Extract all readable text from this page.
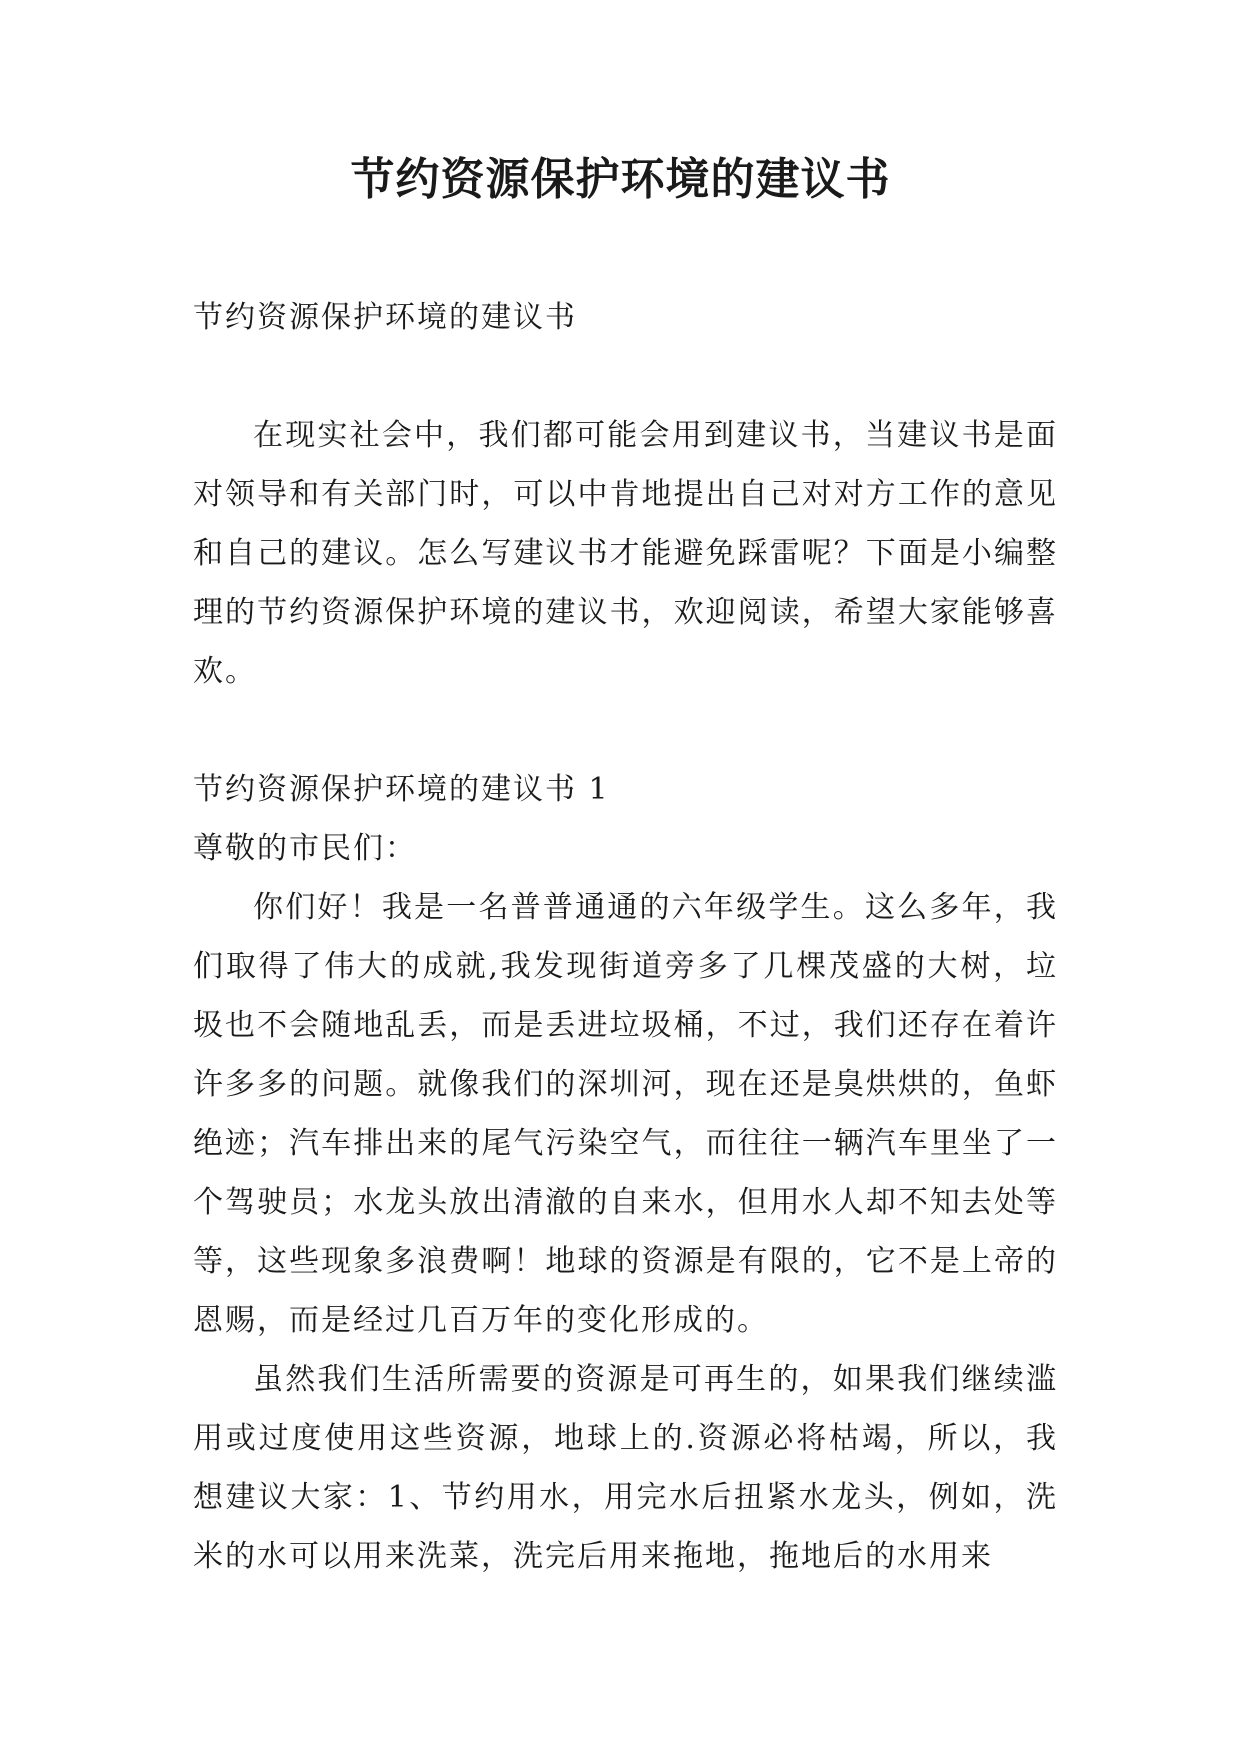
节约资源保护环境的建议书

节约资源保护环境的建议书

在现实社会中，我们都可能会用到建议书，当建议书是面对领导和有关部门时，可以中肯地提出自己对对方工作的意见和自己的建议。怎么写建议书才能避免踩雷呢？下面是小编整理的节约资源保护环境的建议书，欢迎阅读，希望大家能够喜欢。

节约资源保护环境的建议书 1

尊敬的市民们：

你们好！我是一名普普通通的六年级学生。这么多年，我们取得了伟大的成就,我发现街道旁多了几棵茂盛的大树，垃圾也不会随地乱丢，而是丢进垃圾桶，不过，我们还存在着许许多多的问题。就像我们的深圳河，现在还是臭烘烘的，鱼虾绝迹；汽车排出来的尾气污染空气，而往往一辆汽车里坐了一个驾驶员；水龙头放出清澈的自来水，但用水人却不知去处等等，这些现象多浪费啊！地球的资源是有限的，它不是上帝的恩赐，而是经过几百万年的变化形成的。

虽然我们生活所需要的资源是可再生的，如果我们继续滥用或过度使用这些资源，地球上的.资源必将枯竭，所以，我想建议大家：1、节约用水，用完水后扭紧水龙头，例如，洗米的水可以用来洗菜，洗完后用来拖地，拖地后的水用来
